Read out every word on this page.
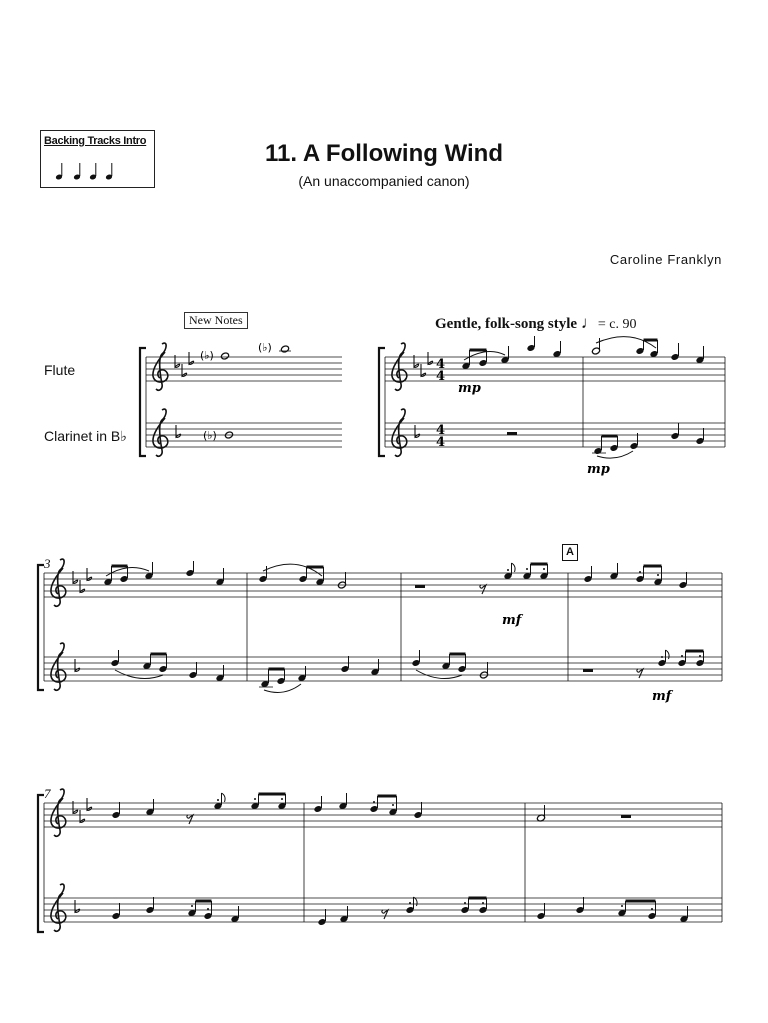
Backing Tracks Intro	11. A Following Wind
(An unaccompanied canon)
Caroline Franklyn
New Notes	Gentle, folk-song style ♩= c. 90
Flute
Clarinet in B♭
3
7
A
(♭)
(♭)
(♭)
4
4
4
4
mp
mp
mf
mf
